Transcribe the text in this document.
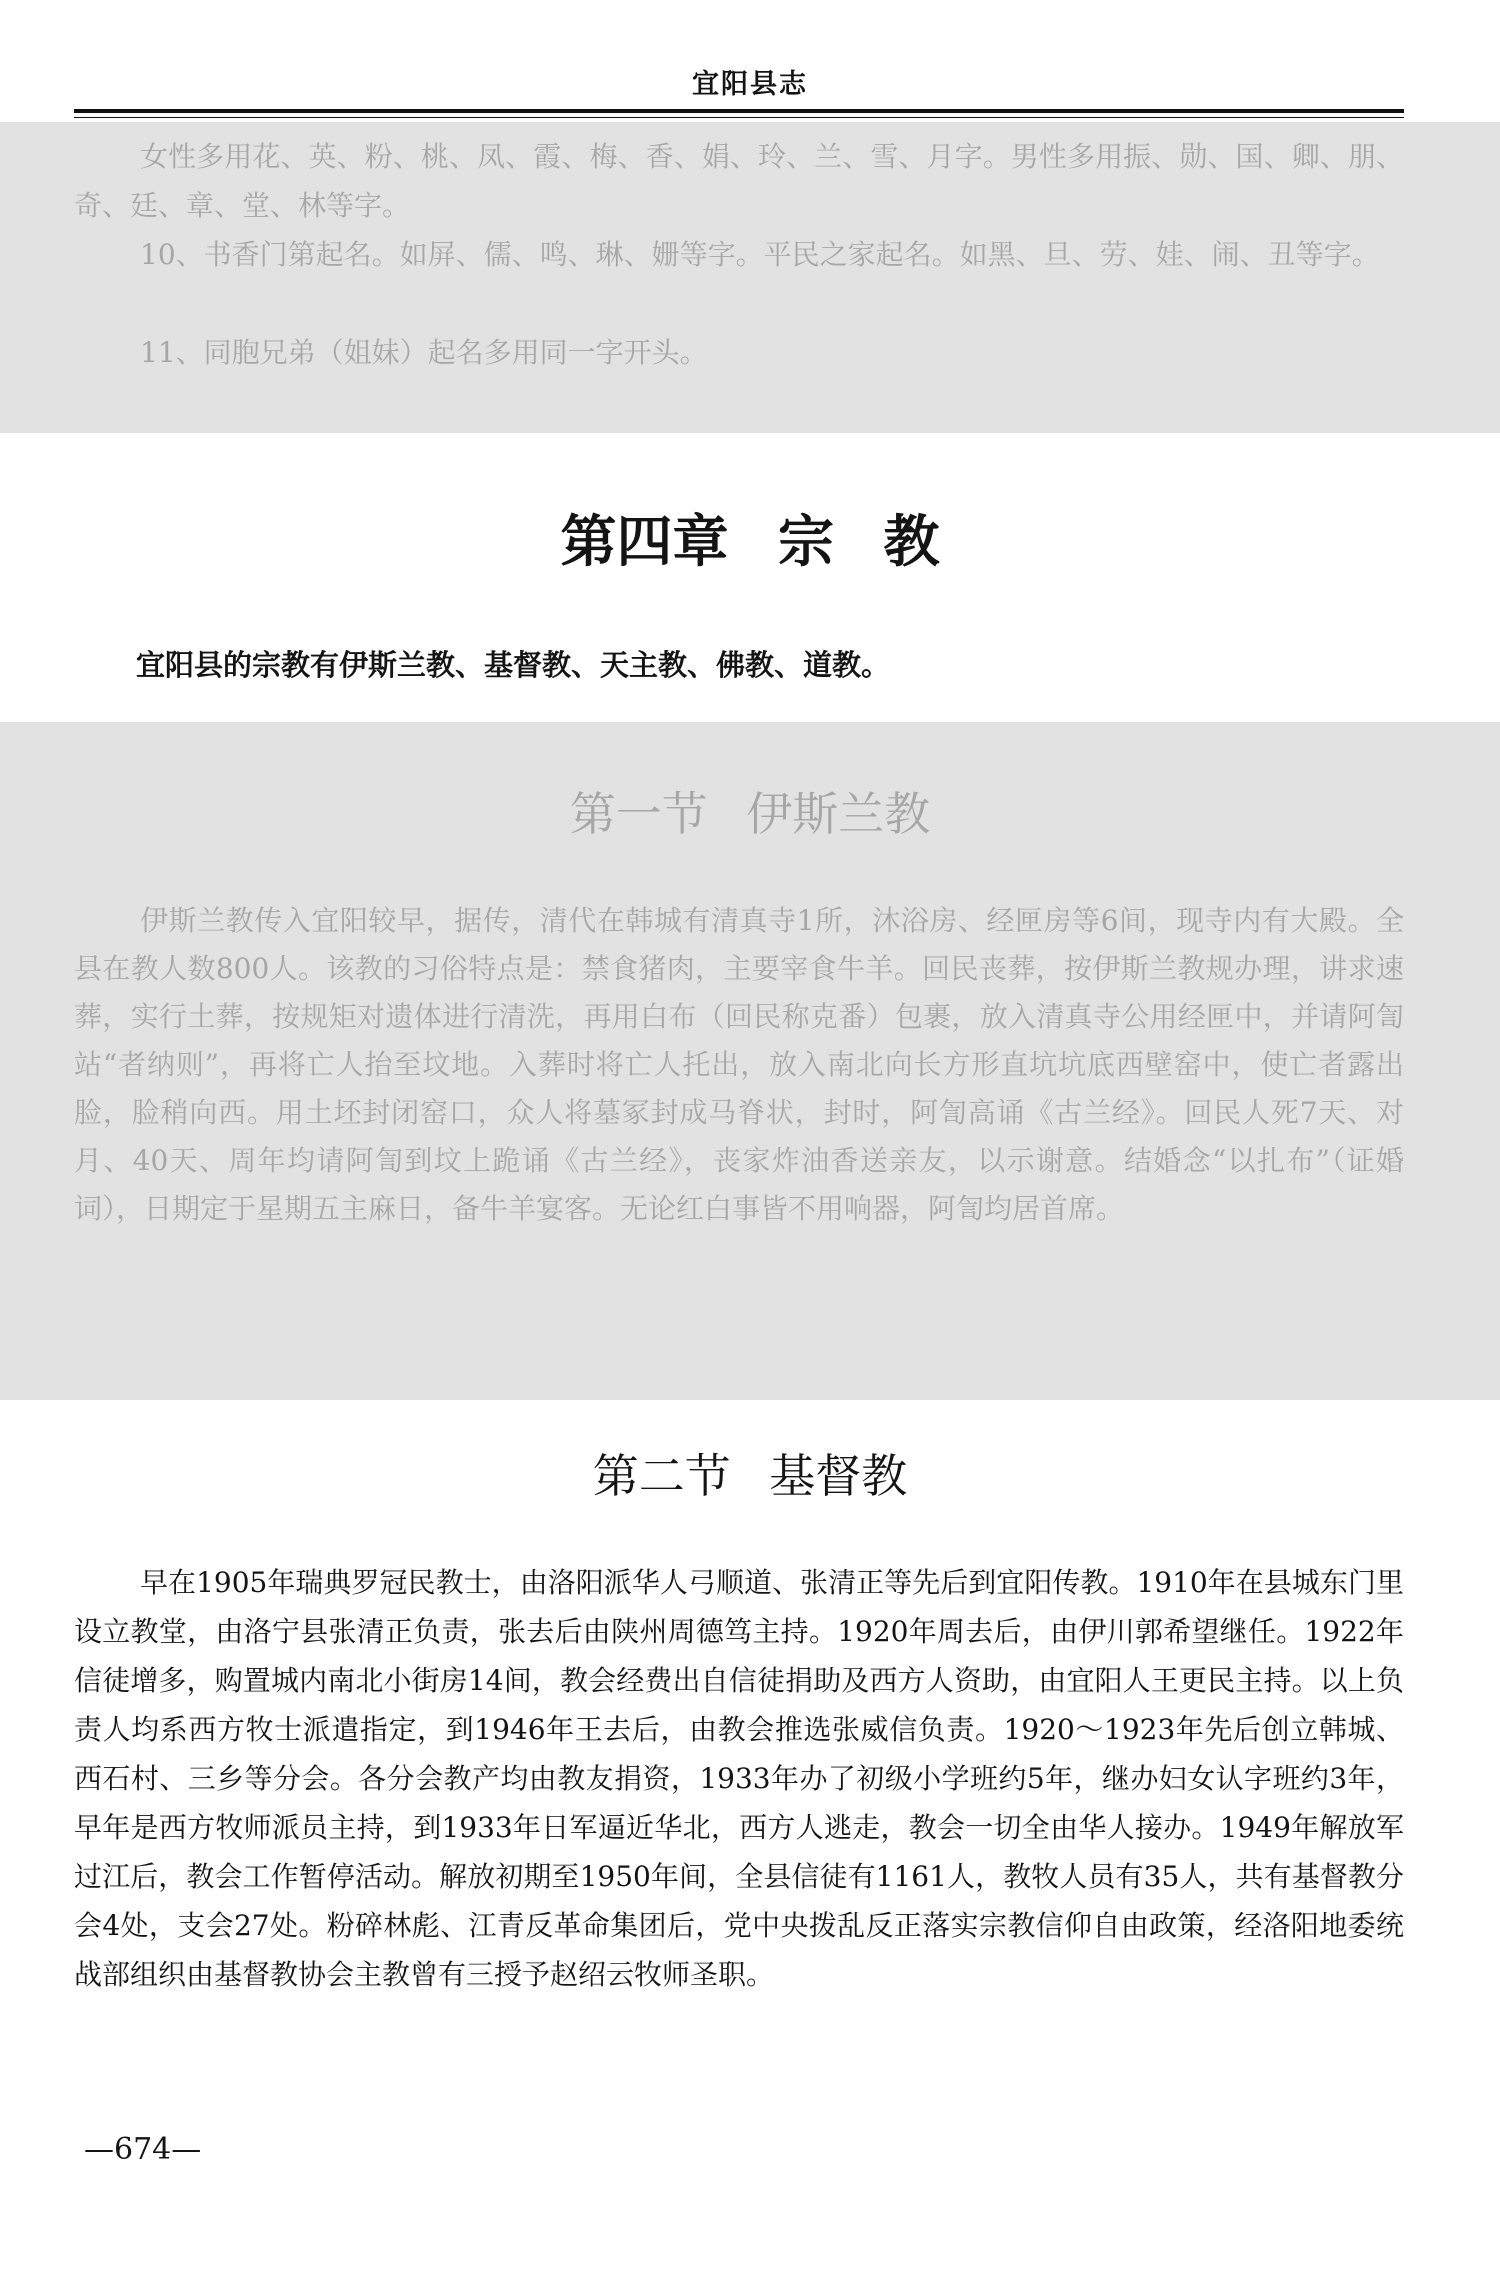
宜阳县志

女性多用花、英、粉、桃、凤、霞、梅、香、娟、玲、兰、雪、月字。男性多用振、勋、国、卿、朋、奇、廷、章、堂、林等字。

10、书香门第起名。如屏、儒、鸣、琳、姗等字。平民之家起名。如黑、旦、劳、娃、闹、丑等字。

11、同胞兄弟（姐妹）起名多用同一字开头。

第四章 宗 教

宜阳县的宗教有伊斯兰教、基督教、天主教、佛教、道教。

第一节 伊斯兰教

伊斯兰教传入宜阳较早，据传，清代在韩城有清真寺1所，沐浴房、经匣房等6间，现寺内有大殿。全县在教人数800人。该教的习俗特点是：禁食猪肉，主要宰食牛羊。回民丧葬，按伊斯兰教规办理，讲求速葬，实行土葬，按规矩对遗体进行清洗，再用白布（回民称克番）包裹，放入清真寺公用经匣中，并请阿訇站“者纳则”，再将亡人抬至坟地。入葬时将亡人托出，放入南北向长方形直坑坑底西壁窑中，使亡者露出脸，脸稍向西。用土坯封闭窑口，众人将墓冢封成马脊状，封时，阿訇高诵《古兰经》。回民人死7天、对月、40天、周年均请阿訇到坟上跪诵《古兰经》，丧家炸油香送亲友，以示谢意。结婚念“以扎布”（证婚词），日期定于星期五主麻日，备牛羊宴客。无论红白事皆不用响器，阿訇均居首席。

第二节 基督教

早在1905年瑞典罗冠民教士，由洛阳派华人弓顺道、张清正等先后到宜阳传教。1910年在县城东门里设立教堂，由洛宁县张清正负责，张去后由陕州周德笃主持。1920年周去后，由伊川郭希望继任。1922年信徒增多，购置城内南北小街房14间，教会经费出自信徒捐助及西方人资助，由宜阳人王更民主持。以上负责人均系西方牧士派遣指定，到1946年王去后，由教会推选张威信负责。1920～1923年先后创立韩城、西石村、三乡等分会。各分会教产均由教友捐资，1933年办了初级小学班约5年，继办妇女认字班约3年，早年是西方牧师派员主持，到1933年日军逼近华北，西方人逃走，教会一切全由华人接办。1949年解放军过江后，教会工作暂停活动。解放初期至1950年间，全县信徒有1161人，教牧人员有35人，共有基督教分会4处，支会27处。粉碎林彪、江青反革命集团后，党中央拨乱反正落实宗教信仰自由政策，经洛阳地委统战部组织由基督教协会主教曾有三授予赵绍云牧师圣职。

—674—
